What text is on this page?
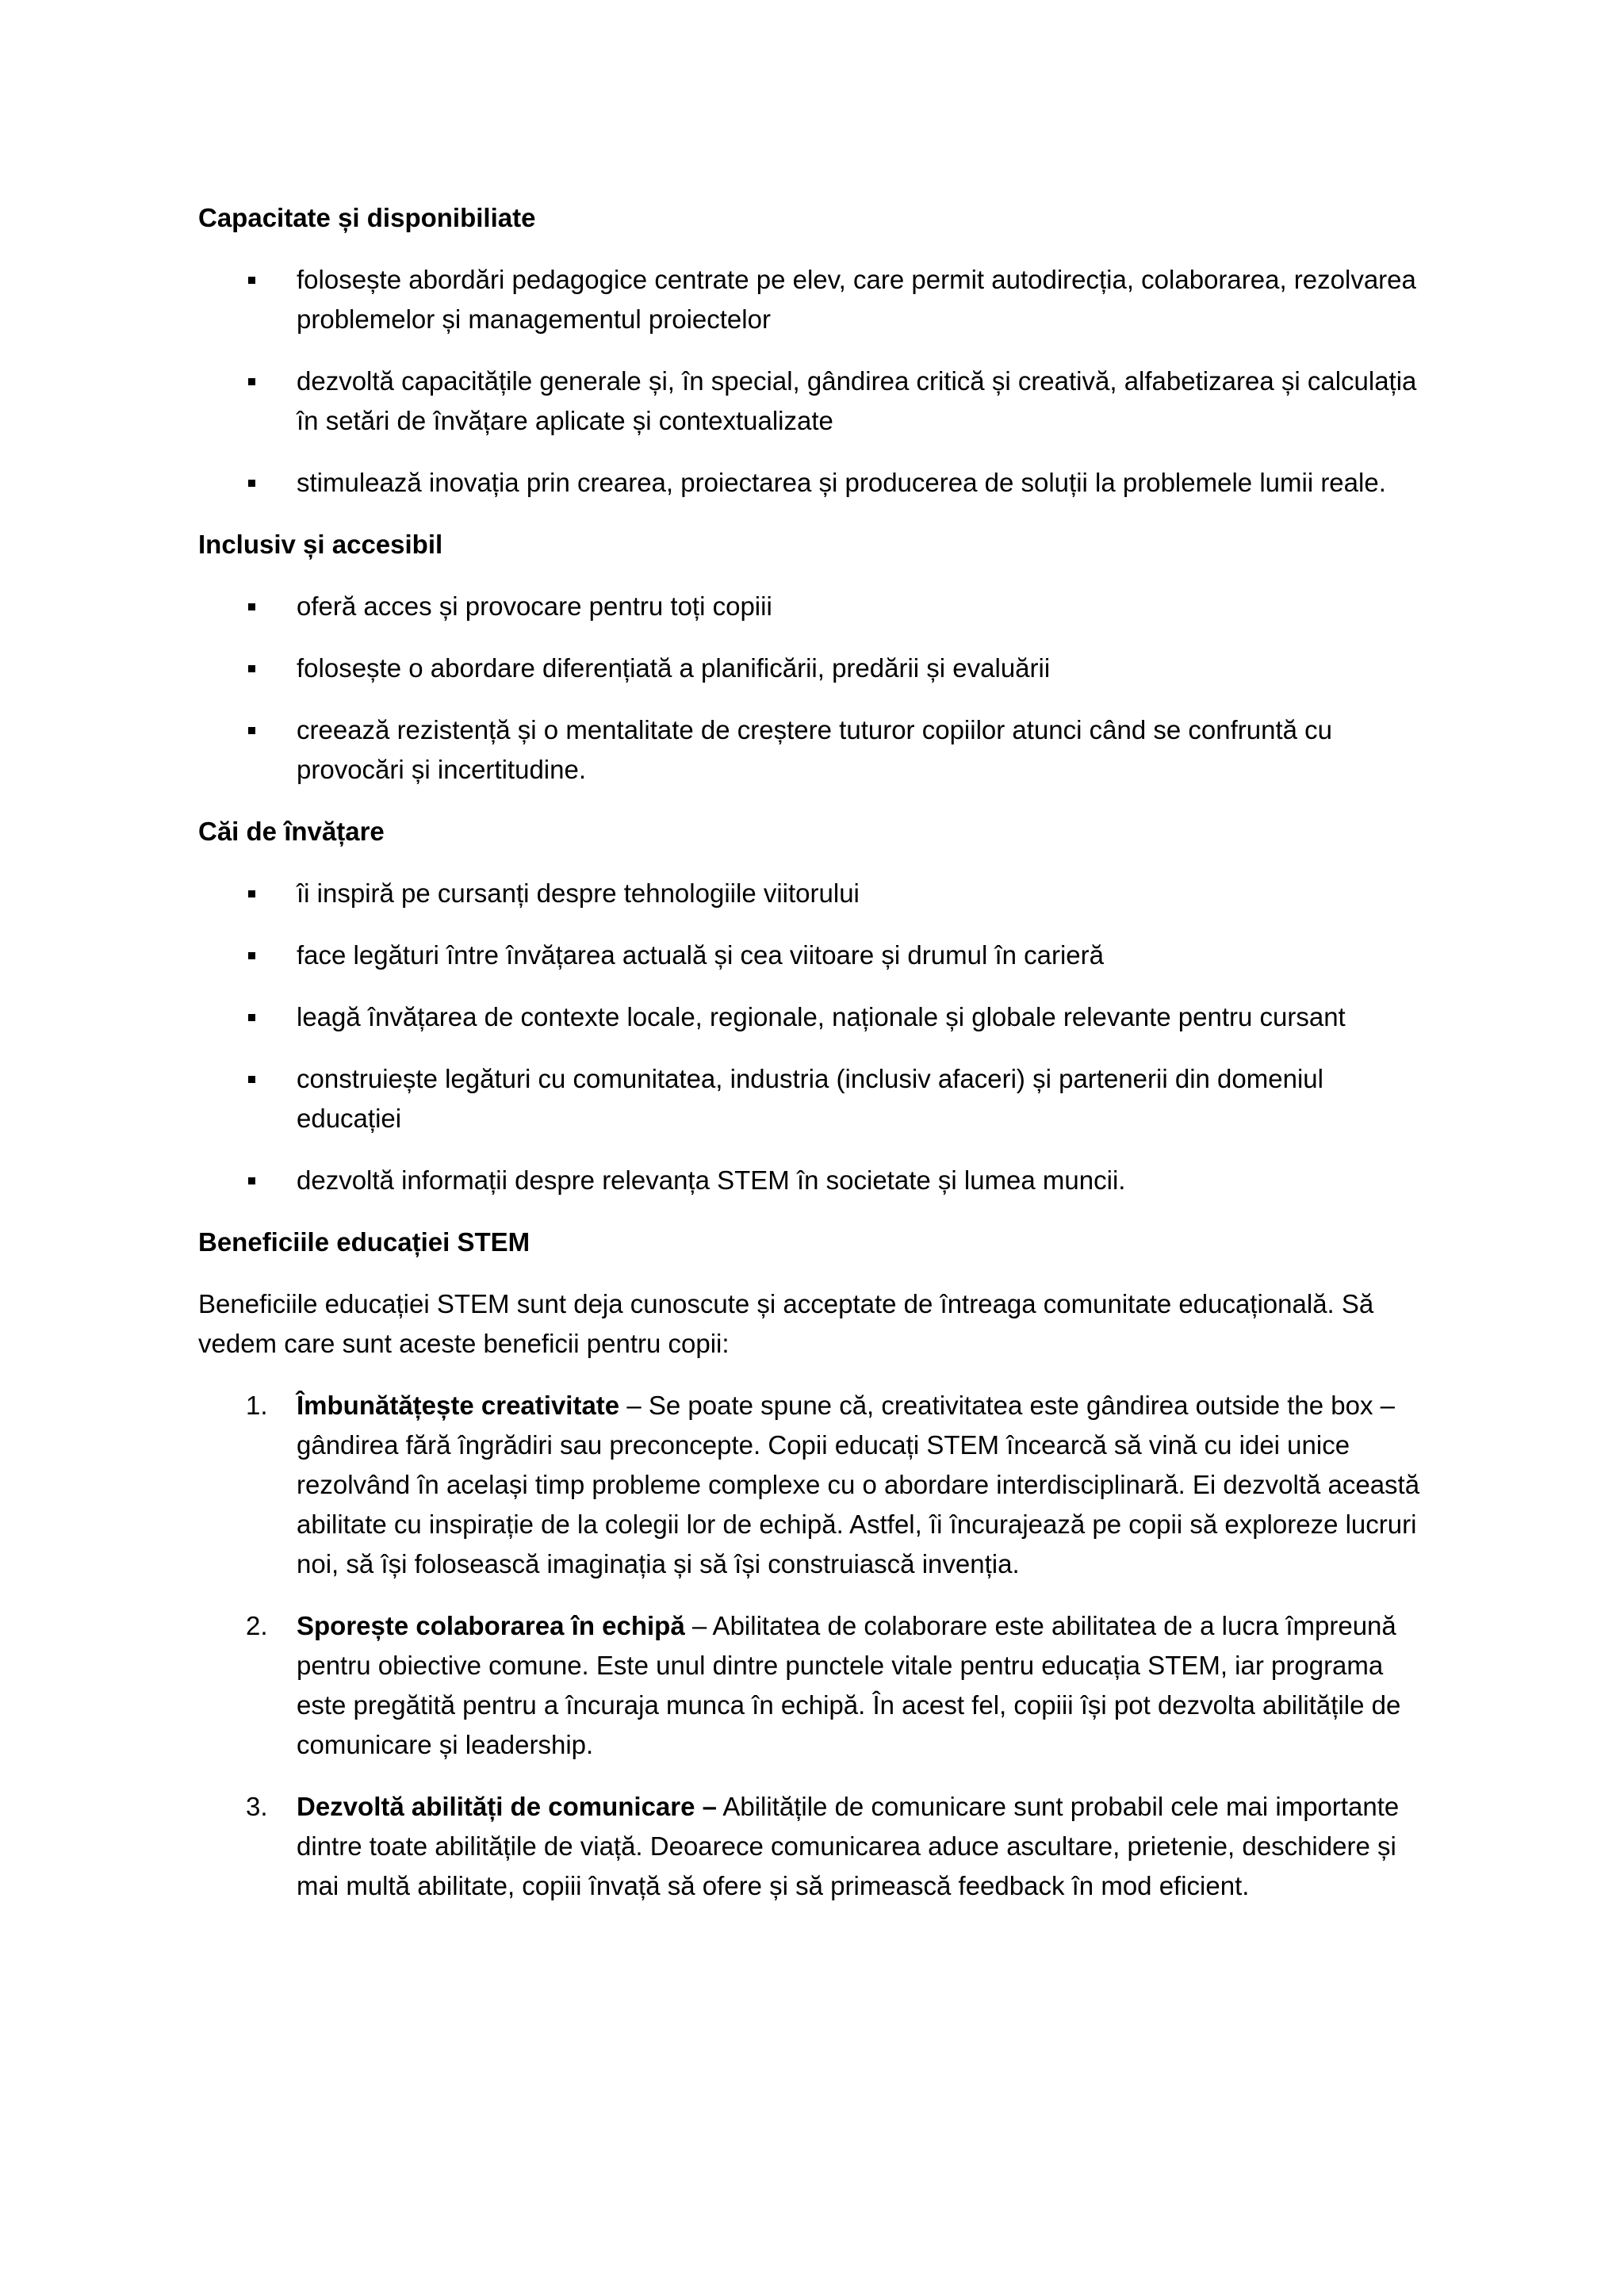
Capacitate și disponibiliate
folosește abordări pedagogice centrate pe elev, care permit autodirecția, colaborarea, rezolvarea problemelor și managementul proiectelor
dezvoltă capacitățile generale și, în special, gândirea critică și creativă, alfabetizarea și calculația în setări de învățare aplicate și contextualizate
stimulează inovația prin crearea, proiectarea și producerea de soluții la problemele lumii reale.
Inclusiv și accesibil
oferă acces și provocare pentru toți copiii
folosește o abordare diferențiată a planificării, predării și evaluării
creează rezistență și o mentalitate de creștere tuturor copiilor atunci când se confruntă cu provocări și incertitudine.
Căi de învățare
îi inspiră pe cursanți despre tehnologiile viitorului
face legături între învățarea actuală și cea viitoare și drumul în carieră
leagă învățarea de contexte locale, regionale, naționale și globale relevante pentru cursant
construiește legături cu comunitatea, industria (inclusiv afaceri) și partenerii din domeniul educației
dezvoltă informații despre relevanța STEM în societate și lumea muncii.
Beneficiile educației STEM

Beneficiile educației STEM sunt deja cunoscute și acceptate de întreaga comunitate educațională. Să vedem care sunt aceste beneficii pentru copii:

1. Îmbunătățește creativitate – Se poate spune că, creativitatea este gândirea outside the box – gândirea fără îngrădiri sau preconcepte. Copii educați STEM încearcă să vină cu idei unice rezolvând în același timp probleme complexe cu o abordare interdisciplinară. Ei dezvoltă această abilitate cu inspirație de la colegii lor de echipă. Astfel, îi încurajează pe copii să exploreze lucruri noi, să își folosească imaginația și să își construiască invenția.
2. Sporește colaborarea în echipă – Abilitatea de colaborare este abilitatea de a lucra împreună pentru obiective comune. Este unul dintre punctele vitale pentru educația STEM, iar programa este pregătită pentru a încuraja munca în echipă. În acest fel, copiii își pot dezvolta abilitățile de comunicare și leadership.
3. Dezvoltă abilități de comunicare – Abilitățile de comunicare sunt probabil cele mai importante dintre toate abilitățile de viață. Deoarece comunicarea aduce ascultare, prietenie, deschidere și mai multă abilitate, copiii învață să ofere și să primească feedback în mod eficient.
